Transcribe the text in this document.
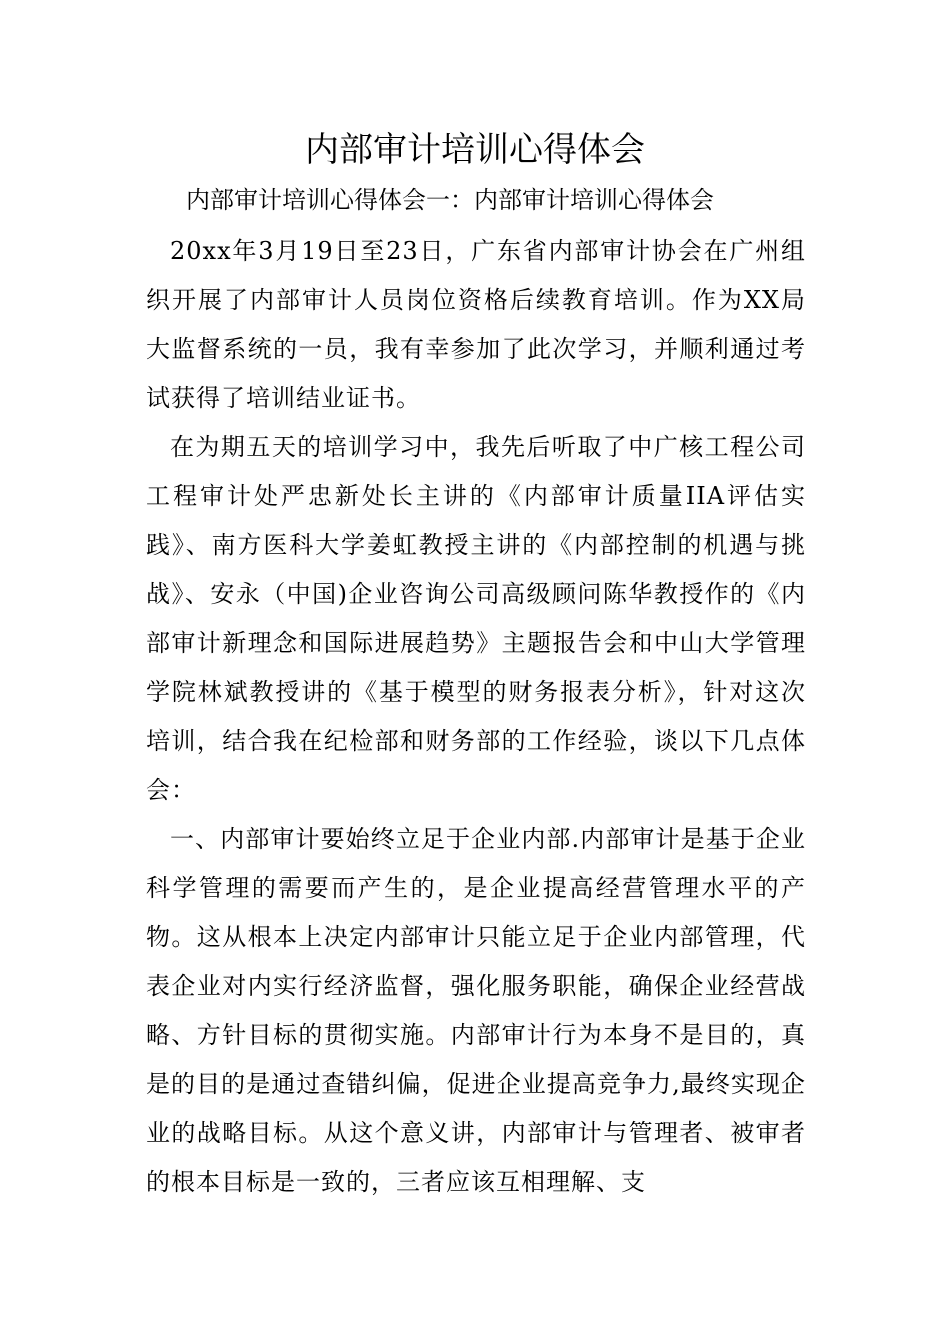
内部审计培训心得体会
内部审计培训心得体会一：内部审计培训心得体会

20xx年3月19日至23日，广东省内部审计协会在广州组织开展了内部审计人员岗位资格后续教育培训。作为XX局大监督系统的一员，我有幸参加了此次学习，并顺利通过考试获得了培训结业证书。

在为期五天的培训学习中，我先后听取了中广核工程公司工程审计处严忠新处长主讲的《内部审计质量IIA评估实践》、南方医科大学姜虹教授主讲的《内部控制的机遇与挑战》、安永（中国)企业咨询公司高级顾问陈华教授作的《内部审计新理念和国际进展趋势》主题报告会和中山大学管理学院林斌教授讲的《基于模型的财务报表分析》，针对这次培训，结合我在纪检部和财务部的工作经验，谈以下几点体会：

一、内部审计要始终立足于企业内部.内部审计是基于企业科学管理的需要而产生的，是企业提高经营管理水平的产物。这从根本上决定内部审计只能立足于企业内部管理，代表企业对内实行经济监督，强化服务职能，确保企业经营战略、方针目标的贯彻实施。内部审计行为本身不是目的，真是的目的是通过查错纠偏，促进企业提高竞争力,最终实现企业的战略目标。从这个意义讲，内部审计与管理者、被审者的根本目标是一致的，三者应该互相理解、支
